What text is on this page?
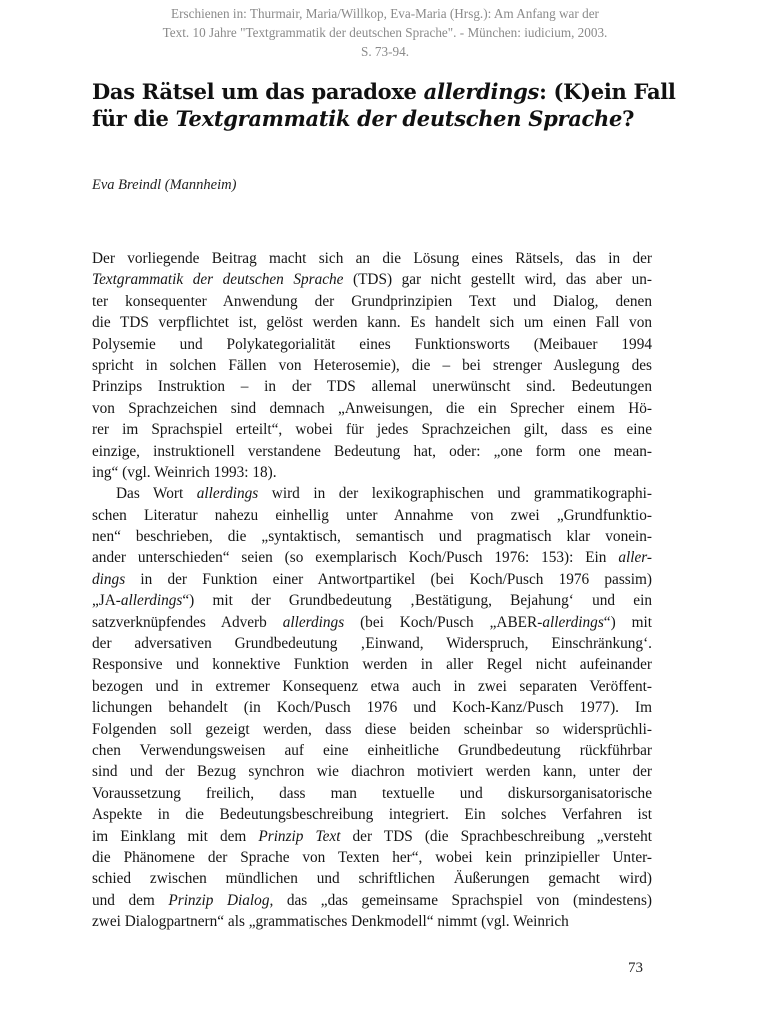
Erschienen in: Thurmair, Maria/Willkop, Eva-Maria (Hrsg.): Am Anfang war der
Text. 10 Jahre "Textgrammatik der deutschen Sprache". - München: iudicium, 2003.
S. 73-94.
Das Rätsel um das paradoxe allerdings: (K)ein Fall
für die Textgrammatik der deutschen Sprache?
Eva Breindl (Mannheim)
Der vorliegende Beitrag macht sich an die Lösung eines Rätsels, das in der
Textgrammatik der deutschen Sprache (TDS) gar nicht gestellt wird, das aber un-
ter konsequenter Anwendung der Grundprinzipien Text und Dialog, denen
die TDS verpflichtet ist, gelöst werden kann. Es handelt sich um einen Fall von
Polysemie und Polykategorialität eines Funktionsworts (Meibauer 1994
spricht in solchen Fällen von Heterosemie), die – bei strenger Auslegung des
Prinzips Instruktion – in der TDS allemal unerwünscht sind. Bedeutungen
von Sprachzeichen sind demnach „Anweisungen, die ein Sprecher einem Hö-
rer im Sprachspiel erteilt“, wobei für jedes Sprachzeichen gilt, dass es eine
einzige, instruktionell verstandene Bedeutung hat, oder: „one form one mean-
ing“ (vgl. Weinrich 1993: 18).
Das Wort allerdings wird in der lexikographischen und grammatikographi-
schen Literatur nahezu einhellig unter Annahme von zwei „Grundfunktio-
nen“ beschrieben, die „syntaktisch, semantisch und pragmatisch klar vonein-
ander unterschieden“ seien (so exemplarisch Koch/Pusch 1976: 153): Ein aller-
dings in der Funktion einer Antwortpartikel (bei Koch/Pusch 1976 passim)
„JA-allerdings“) mit der Grundbedeutung ‚Bestätigung, Bejahung‘ und ein
satzverknüpfendes Adverb allerdings (bei Koch/Pusch „ABER-allerdings“) mit
der adversativen Grundbedeutung ‚Einwand, Widerspruch, Einschränkung‘.
Responsive und konnektive Funktion werden in aller Regel nicht aufeinander
bezogen und in extremer Konsequenz etwa auch in zwei separaten Veröffent-
lichungen behandelt (in Koch/Pusch 1976 und Koch-Kanz/Pusch 1977). Im
Folgenden soll gezeigt werden, dass diese beiden scheinbar so widersprüchli-
chen Verwendungsweisen auf eine einheitliche Grundbedeutung rückführbar
sind und der Bezug synchron wie diachron motiviert werden kann, unter der
Voraussetzung freilich, dass man textuelle und diskursorganisatorische
Aspekte in die Bedeutungsbeschreibung integriert. Ein solches Verfahren ist
im Einklang mit dem Prinzip Text der TDS (die Sprachbeschreibung „versteht
die Phänomene der Sprache von Texten her“, wobei kein prinzipieller Unter-
schied zwischen mündlichen und schriftlichen Äußerungen gemacht wird)
und dem Prinzip Dialog, das „das gemeinsame Sprachspiel von (mindestens)
zwei Dialogpartnern“ als „grammatisches Denkmodell“ nimmt (vgl. Weinrich
73
